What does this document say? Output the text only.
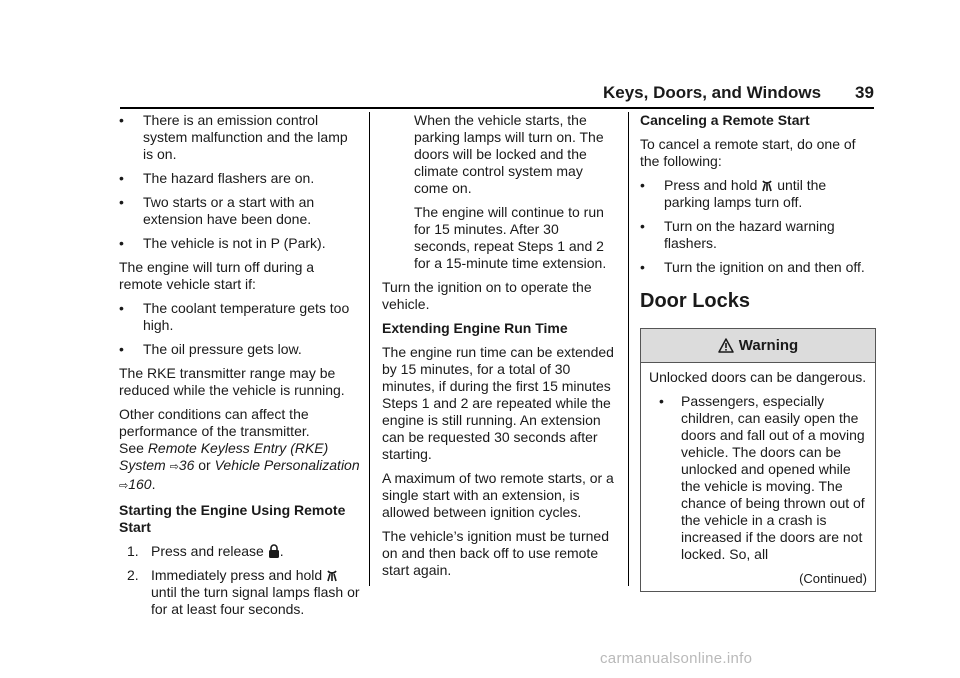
Keys, Doors, and Windows 39
•	There is an emission control system malfunction and the lamp is on.
•	The hazard flashers are on.
•	Two starts or a start with an extension have been done.
•	The vehicle is not in P (Park).

The engine will turn off during a remote vehicle start if:

•	The coolant temperature gets too high.
•	The oil pressure gets low.

The RKE transmitter range may be reduced while the vehicle is running.

Other conditions can affect the performance of the transmitter.
See Remote Keyless Entry (RKE) System ⇨36 or Vehicle Personalization ⇨160.

Starting the Engine Using Remote Start

1. Press and release .
2. Immediately press and hold  until the turn signal lamps flash or for at least four seconds.

When the vehicle starts, the parking lamps will turn on. The doors will be locked and the climate control system may come on.

The engine will continue to run for 15 minutes. After 30 seconds, repeat Steps 1 and 2 for a 15-minute time extension.

Turn the ignition on to operate the vehicle.

Extending Engine Run Time

The engine run time can be extended by 15 minutes, for a total of 30 minutes, if during the first 15 minutes Steps 1 and 2 are repeated while the engine is still running. An extension can be requested 30 seconds after starting.

A maximum of two remote starts, or a single start with an extension, is allowed between ignition cycles.

The vehicle’s ignition must be turned on and then back off to use remote start again.

Canceling a Remote Start

To cancel a remote start, do one of the following:

•	Press and hold until the parking lamps turn off.
•	Turn on the hazard warning flashers.
•	Turn the ignition on and then off.
Door Locks
Warning

Unlocked doors can be dangerous.

•	Passengers, especially children, can easily open the doors and fall out of a moving vehicle. The doors can be unlocked and opened while the vehicle is moving. The chance of being thrown out of the vehicle in a crash is increased if the doors are not locked. So, all
(Continued)
carmanualsonline.info
